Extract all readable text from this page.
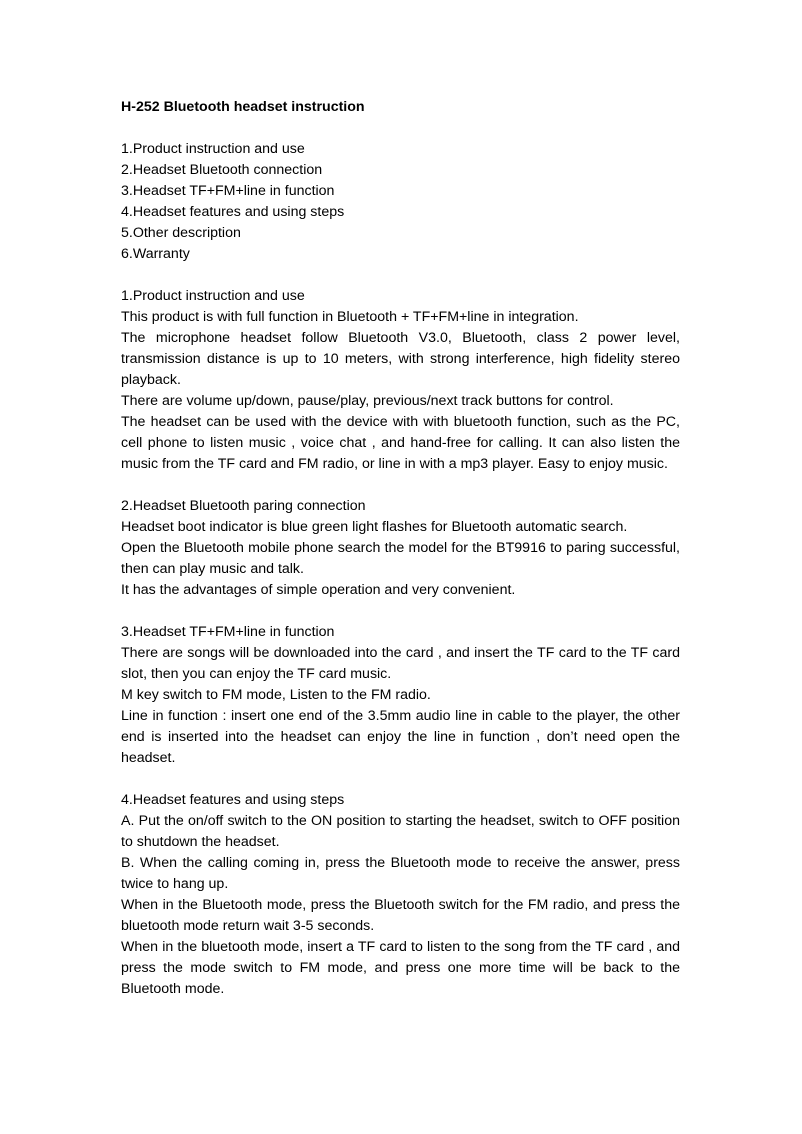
H-252 Bluetooth headset instruction
1.Product instruction and use
2.Headset Bluetooth connection
3.Headset TF+FM+line in function
4.Headset features and using steps
5.Other description
6.Warranty
1.Product instruction and use

This product is with full function in Bluetooth + TF+FM+line in integration.

The microphone headset follow Bluetooth V3.0, Bluetooth, class 2 power level, transmission distance is up to 10 meters, with strong interference, high fidelity stereo playback.

There are volume up/down, pause/play, previous/next track buttons for control.

The headset can be used with the device with with bluetooth function, such as the PC, cell phone to listen music , voice chat , and hand-free for calling. It can also listen the music from the TF card and FM radio, or line in with a mp3 player. Easy to enjoy music.

2.Headset Bluetooth paring connection

Headset boot indicator is blue green light flashes for Bluetooth automatic search.

Open the Bluetooth mobile phone search the model for the BT9916 to paring successful, then can play music and talk.

It has the advantages of simple operation and very convenient.

3.Headset TF+FM+line in function

There are songs will be downloaded into the card , and insert the TF card to the TF card slot, then you can enjoy the TF card music.

M key switch to FM mode, Listen to the FM radio.

Line in function : insert one end of the 3.5mm audio line in cable to the player, the other end is inserted into the headset can enjoy the line in function , don’t need open the headset.

4.Headset features and using steps

A. Put the on/off switch to the ON position to starting the headset, switch to OFF position to shutdown the headset.

B. When the calling coming in, press the Bluetooth mode to receive the answer, press twice to hang up.

When in the Bluetooth mode, press the Bluetooth switch for the FM radio, and press the bluetooth mode return wait 3-5 seconds.

When in the bluetooth mode, insert a TF card to listen to the song from the TF card , and press the mode switch to FM mode, and press one more time will be back to the Bluetooth mode.
